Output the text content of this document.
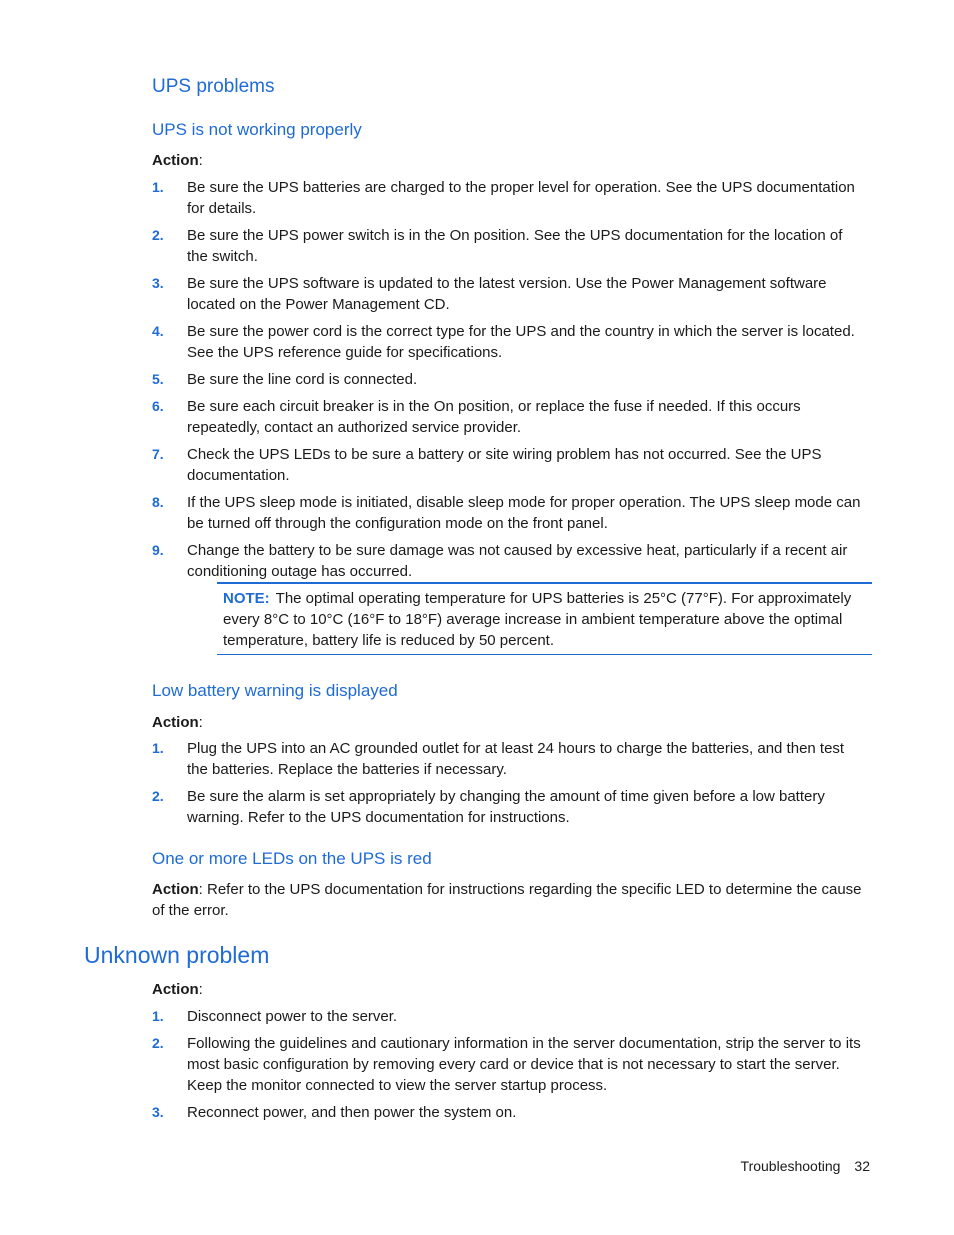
UPS problems
UPS is not working properly
Action:
1. Be sure the UPS batteries are charged to the proper level for operation. See the UPS documentation for details.
2. Be sure the UPS power switch is in the On position. See the UPS documentation for the location of the switch.
3. Be sure the UPS software is updated to the latest version. Use the Power Management software located on the Power Management CD.
4. Be sure the power cord is the correct type for the UPS and the country in which the server is located. See the UPS reference guide for specifications.
5. Be sure the line cord is connected.
6. Be sure each circuit breaker is in the On position, or replace the fuse if needed. If this occurs repeatedly, contact an authorized service provider.
7. Check the UPS LEDs to be sure a battery or site wiring problem has not occurred. See the UPS documentation.
8. If the UPS sleep mode is initiated, disable sleep mode for proper operation. The UPS sleep mode can be turned off through the configuration mode on the front panel.
9. Change the battery to be sure damage was not caused by excessive heat, particularly if a recent air conditioning outage has occurred.
NOTE: The optimal operating temperature for UPS batteries is 25°C (77°F). For approximately every 8°C to 10°C (16°F to 18°F) average increase in ambient temperature above the optimal temperature, battery life is reduced by 50 percent.
Low battery warning is displayed
Action:
1. Plug the UPS into an AC grounded outlet for at least 24 hours to charge the batteries, and then test the batteries. Replace the batteries if necessary.
2. Be sure the alarm is set appropriately by changing the amount of time given before a low battery warning. Refer to the UPS documentation for instructions.
One or more LEDs on the UPS is red
Action: Refer to the UPS documentation for instructions regarding the specific LED to determine the cause of the error.
Unknown problem
Action:
1. Disconnect power to the server.
2. Following the guidelines and cautionary information in the server documentation, strip the server to its most basic configuration by removing every card or device that is not necessary to start the server. Keep the monitor connected to view the server startup process.
3. Reconnect power, and then power the system on.
Troubleshooting 32
